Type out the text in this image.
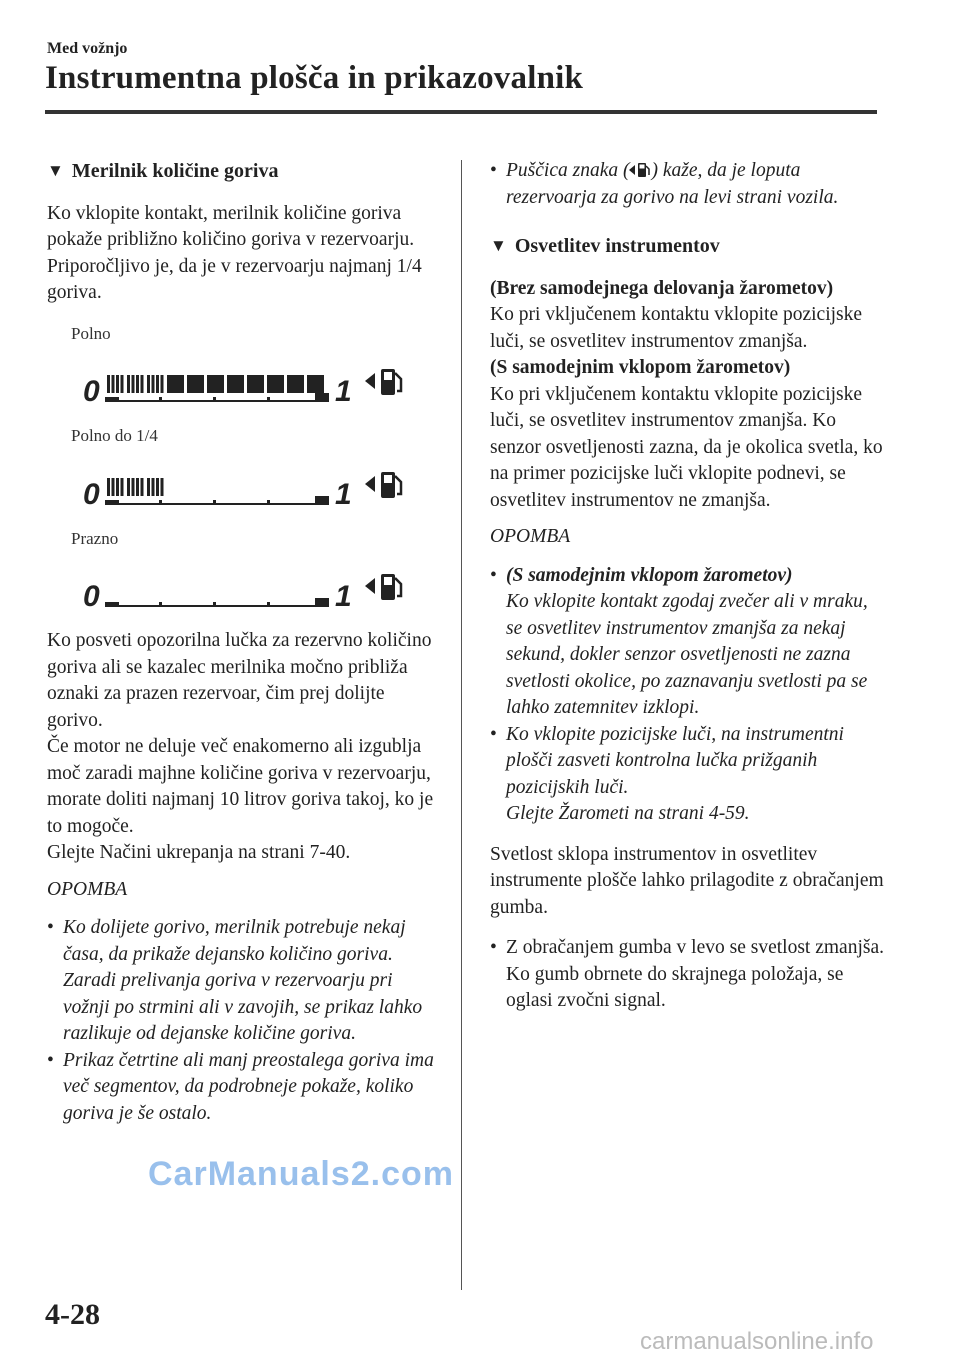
Med vožnjo
Instrumentna plošča in prikazovalnik
▼ Merilnik količine goriva

Ko vklopite kontakt, merilnik količine goriva pokaže približno količino goriva v rezervoarju. Priporočljivo je, da je v rezervoarju najmanj 1/4 goriva.

Polno
0	1
Polno do 1/4
0	1
Prazno
0	1

Ko posveti opozorilna lučka za rezervno količino goriva ali se kazalec merilnika močno približa oznaki za prazen rezervoar, čim prej dolijte gorivo.

Če motor ne deluje več enakomerno ali izgublja moč zaradi majhne količine goriva v rezervoarju, morate doliti najmanj 10 litrov goriva takoj, ko je to mogoče.

Glejte Načini ukrepanja na strani 7-40.

OPOMBA
• Ko dolijete gorivo, merilnik potrebuje nekaj časa, da prikaže dejansko količino goriva. Zaradi prelivanja goriva v rezervoarju pri vožnji po strmini ali v zavojih, se prikaz lahko razlikuje od dejanske količine goriva.
• Prikaz četrtine ali manj preostalega goriva ima več segmentov, da podrobneje pokaže, koliko goriva je še ostalo.
• Puščica znaka ( ) kaže, da je loputa rezervoarja za gorivo na levi strani vozila.
▼ Osvetlitev instrumentov

(Brez samodejnega delovanja žarometov)

Ko pri vključenem kontaktu vklopite pozicijske luči, se osvetlitev instrumentov zmanjša.

(S samodejnim vklopom žarometov)

Ko pri vključenem kontaktu vklopite pozicijske luči, se osvetlitev instrumentov zmanjša. Ko senzor osvetljenosti zazna, da je okolica svetla, ko na primer pozicijske luči vklopite podnevi, se osvetlitev instrumentov ne zmanjša.

OPOMBA
• (S samodejnim vklopom žarometov)
Ko vklopite kontakt zgodaj zvečer ali v mraku, se osvetlitev instrumentov zmanjša za nekaj sekund, dokler senzor osvetljenosti ne zazna svetlosti okolice, po zaznavanju svetlosti pa se lahko zatemnitev izklopi.
• Ko vklopite pozicijske luči, na instrumentni plošči zasveti kontrolna lučka prižganih pozicijskih luči.
Glejte Žarometi na strani 4-59.

Svetlost sklopa instrumentov in osvetlitev instrumente plošče lahko prilagodite z obračanjem gumba.

• Z obračanjem gumba v levo se svetlost zmanjša. Ko gumb obrnete do skrajnega položaja, se oglasi zvočni signal.
4-28
CarManuals2.com
carmanualsonline.info
